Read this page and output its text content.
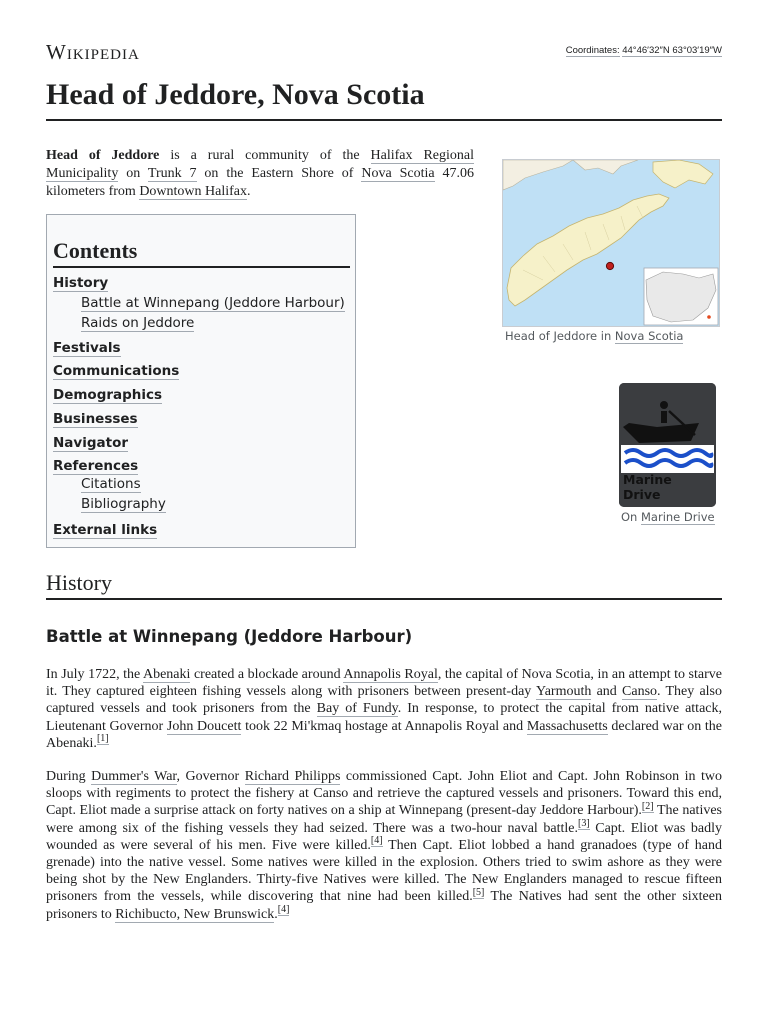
Wikipedia	Coordinates: 44°46′32″N 63°03′19″W
Head of Jeddore, Nova Scotia

Head of Jeddore is a rural community of the Halifax Regional Municipality on Trunk 7 on the Eastern Shore of Nova Scotia 47.06 kilometers from Downtown Halifax.

Contents
History
Battle at Winnepang (Jeddore Harbour)
Raids on Jeddore
Festivals
Communications
Demographics
Businesses
Navigator
References
Citations
Bibliography
External links
Head of Jeddore in Nova Scotia
Marine
Drive
On Marine Drive
History
Battle at Winnepang (Jeddore Harbour)

In July 1722, the Abenaki created a blockade around Annapolis Royal, the capital of Nova Scotia, in an attempt to starve it. They captured eighteen fishing vessels along with prisoners between present-day Yarmouth and Canso. They also captured vessels and took prisoners from the Bay of Fundy. In response, to protect the capital from native attack, Lieutenant Governor John Doucett took 22 Mi'kmaq hostage at Annapolis Royal and Massachusetts declared war on the Abenaki.[1]

During Dummer's War, Governor Richard Philipps commissioned Capt. John Eliot and Capt. John Robinson in two sloops with regiments to protect the fishery at Canso and retrieve the captured vessels and prisoners. Toward this end, Capt. Eliot made a surprise attack on forty natives on a ship at Winnepang (present-day Jeddore Harbour).[2] The natives were among six of the fishing vessels they had seized. There was a two-hour naval battle.[3] Capt. Eliot was badly wounded as were several of his men. Five were killed.[4] Then Capt. Eliot lobbed a hand granadoes (type of hand grenade) into the native vessel. Some natives were killed in the explosion. Others tried to swim ashore as they were being shot by the New Englanders. Thirty-five Natives were killed. The New Englanders managed to rescue fifteen prisoners from the vessels, while discovering that nine had been killed.[5] The Natives had sent the other sixteen prisoners to Richibucto, New Brunswick.[4]
